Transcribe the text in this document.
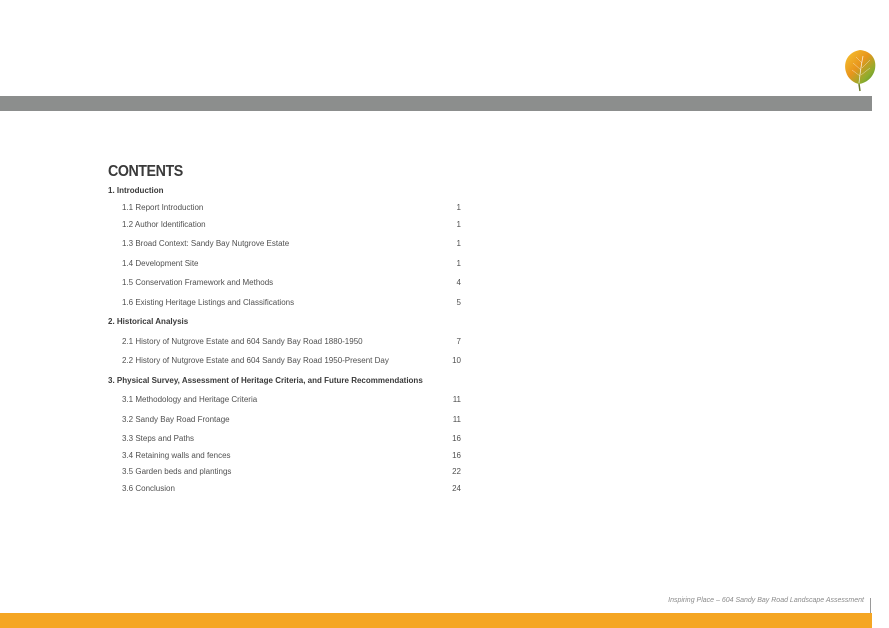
CONTENTS
1. Introduction
1.1 Report Introduction	1
1.2 Author Identification	1
1.3 Broad Context: Sandy Bay Nutgrove Estate	1
1.4 Development Site	1
1.5 Conservation Framework and Methods	4
1.6 Existing Heritage Listings and Classifications	5
2. Historical Analysis
2.1 History of Nutgrove Estate and 604 Sandy Bay Road 1880-1950	7
2.2 History of Nutgrove Estate and 604 Sandy Bay Road 1950-Present Day	10
3. Physical Survey, Assessment of Heritage Criteria, and Future Recommendations
3.1 Methodology and Heritage Criteria	11
3.2 Sandy Bay Road Frontage	11
3.3 Steps and Paths	16
3.4 Retaining walls and fences	16
3.5 Garden beds and plantings	22
3.6 Conclusion	24
Inspiring Place – 604 Sandy Bay Road Landscape Assessment
